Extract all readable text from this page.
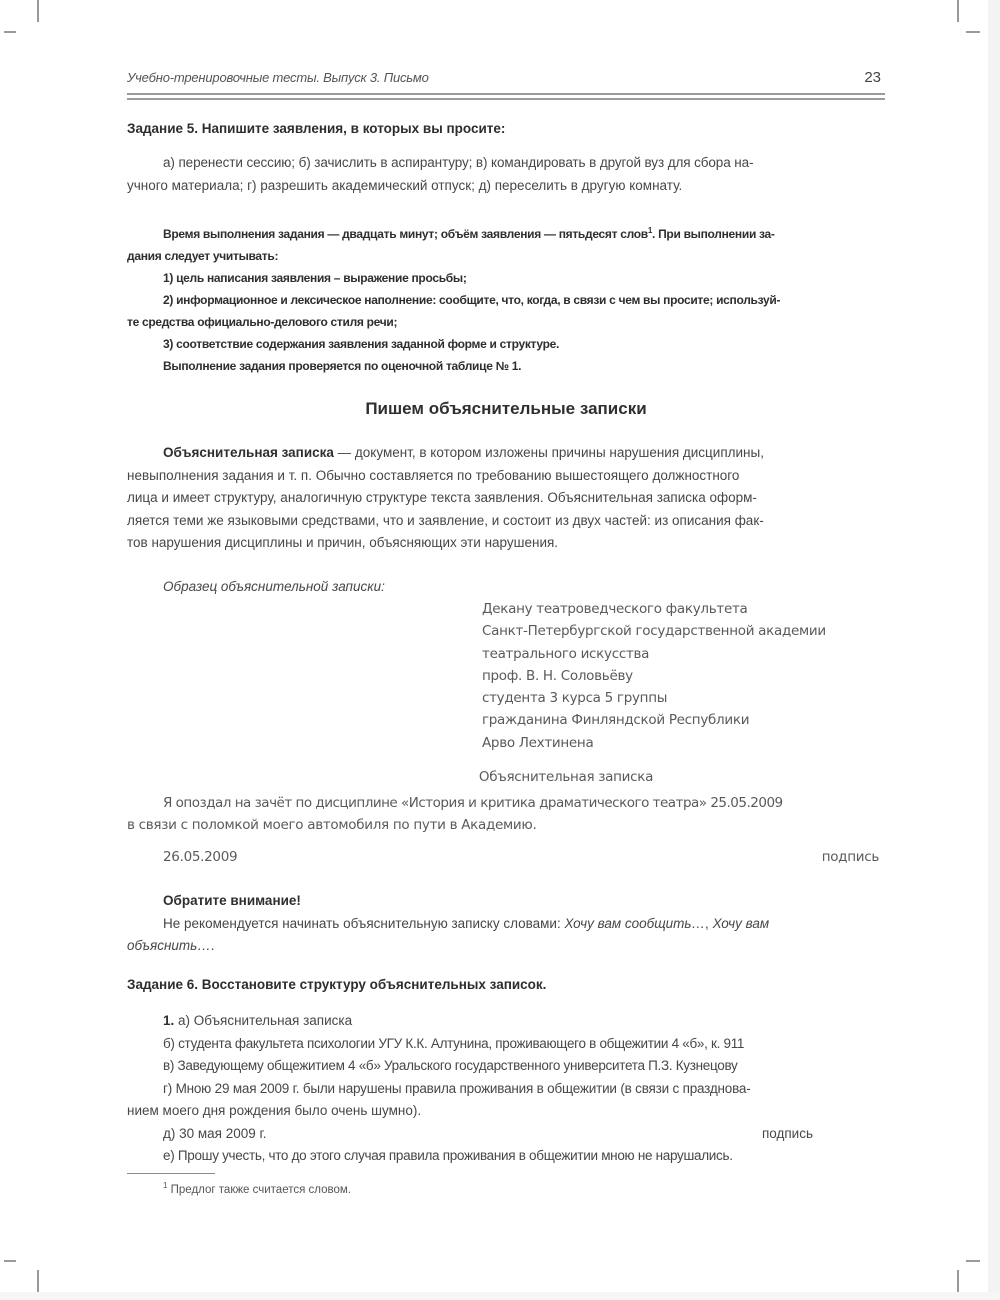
Учебно-тренировочные тесты. Выпуск 3. Письмо	23

Задание 5. Напишите заявления, в которых вы просите:

а) перенести сессию; б) зачислить в аспирантуру; в) командировать в другой вуз для сбора на-

учного материала; г) разрешить академический отпуск; д) переселить в другую комнату.

Время выполнения задания — двадцать минут; объём заявления — пятьдесят слов$^1$. При выполнении за-

дания следует учитывать:

1) цель написания заявления – выражение просьбы;

2) информационное и лексическое наполнение: сообщите, что, когда, в связи с чем вы просите; используй-

те средства официально-делового стиля речи;

3) соответствие содержания заявления заданной форме и структуре.

Выполнение задания проверяется по оценочной таблице № 1.

Пишем объяснительные записки

Объяснительная записка — документ, в котором изложены причины нарушения дисциплины,

невыполнения задания и т. п. Обычно составляется по требованию вышестоящего должностного

лица и имеет структуру, аналогичную структуре текста заявления. Объяснительная записка оформ-

ляется теми же языковыми средствами, что и заявление, и состоит из двух частей: из описания фак-

тов нарушения дисциплины и причин, объясняющих эти нарушения.

Образец объяснительной записки:

Декану театроведческого факультета
Санкт-Петербургской государственной академии
театрального искусства
проф. В. Н. Соловьёву
студента 3 курса 5 группы
гражданина Финляндской Республики
Арво Лехтинена
Объяснительная записка
Я опоздал на зачёт по дисциплине «История и критика драматического театра» 25.05.2009
в связи с поломкой моего автомобиля по пути в Академию.
26.05.2009	подпись

Обратите внимание!

Не рекомендуется начинать объяснительную записку словами: Хочу вам сообщить…, Хочу вам

объяснить….

Задание 6. Восстановите структуру объяснительных записок.

1. а) Объяснительная записка

б) студента факультета психологии УГУ К.К. Алтунина, проживающего в общежитии 4 «б», к. 911

в) Заведующему общежитием 4 «б» Уральского государственного университета П.З. Кузнецову

г) Мною 29 мая 2009 г. были нарушены правила проживания в общежитии (в связи с празднова-

нием моего дня рождения было очень шумно).

д) 30 мая 2009 г.	подпись

е) Прошу учесть, что до этого случая правила проживания в общежитии мною не нарушались.

$^1$ Предлог также считается словом.
